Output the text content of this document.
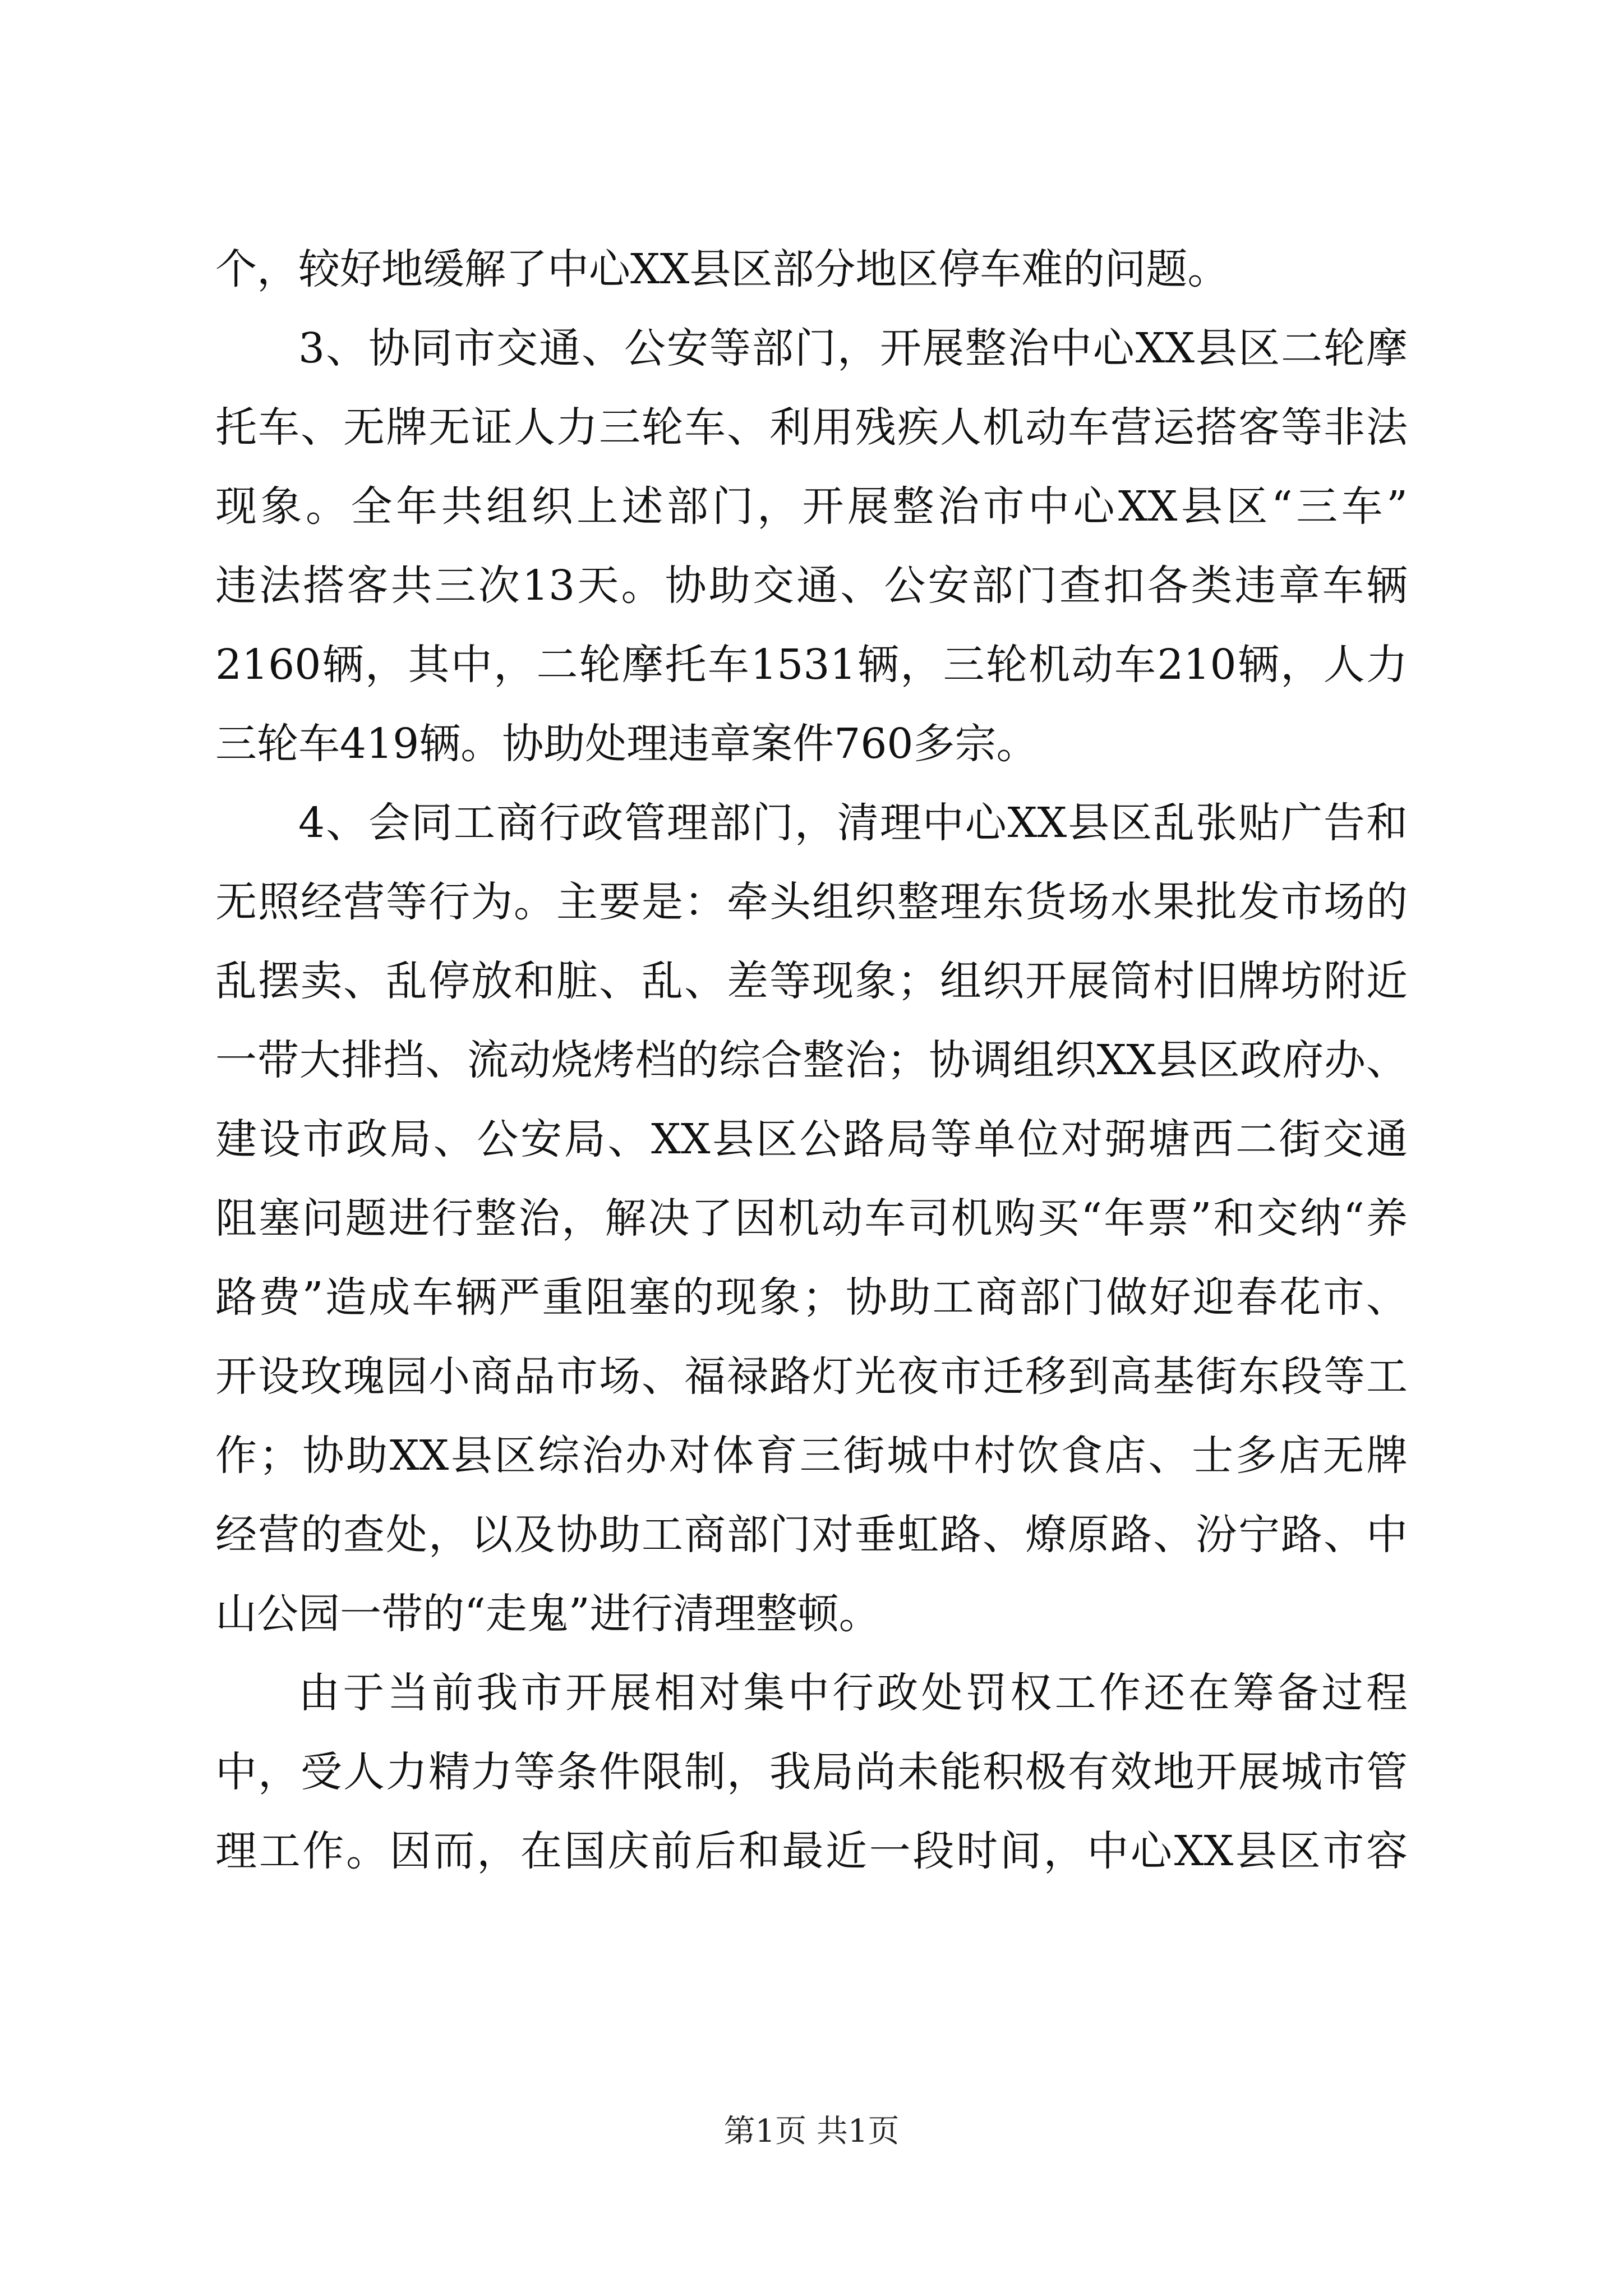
个，较好地缓解了中心XX县区部分地区停车难的问题。
3、协同市交通、公安等部门，开展整治中心XX县区二轮摩
托车、无牌无证人力三轮车、利用残疾人机动车营运搭客等非法
现象。全年共组织上述部门，开展整治市中心XX县区“三车”
违法搭客共三次13天。协助交通、公安部门查扣各类违章车辆
2160辆，其中，二轮摩托车1531辆，三轮机动车210辆，人力
三轮车419辆。协助处理违章案件760多宗。
4、会同工商行政管理部门，清理中心XX县区乱张贴广告和
无照经营等行为。主要是：牵头组织整理东货场水果批发市场的
乱摆卖、乱停放和脏、乱、差等现象；组织开展筒村旧牌坊附近
一带大排挡、流动烧烤档的综合整治；协调组织XX县区政府办、
建设市政局、公安局、XX县区公路局等单位对弼塘西二街交通
阻塞问题进行整治，解决了因机动车司机购买“年票”和交纳“养
路费”造成车辆严重阻塞的现象；协助工商部门做好迎春花市、
开设玫瑰园小商品市场、福禄路灯光夜市迁移到高基街东段等工
作；协助XX县区综治办对体育三街城中村饮食店、士多店无牌
经营的查处，以及协助工商部门对垂虹路、燎原路、汾宁路、中
山公园一带的“走鬼”进行清理整顿。
由于当前我市开展相对集中行政处罚权工作还在筹备过程
中，受人力精力等条件限制，我局尚未能积极有效地开展城市管
理工作。因而，在国庆前后和最近一段时间，中心XX县区市容
第1页 共1页
